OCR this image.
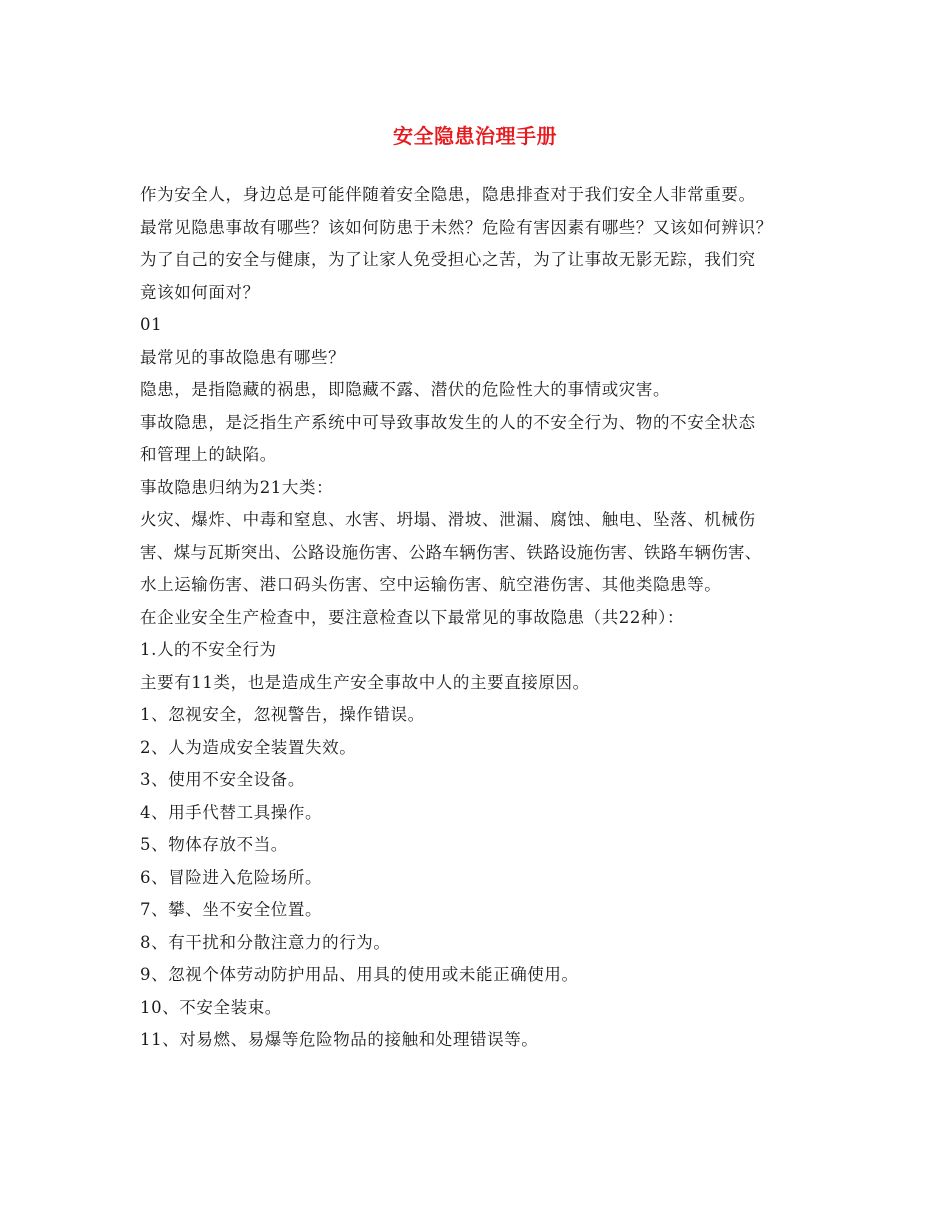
安全隐患治理手册

作为安全人，身边总是可能伴随着安全隐患，隐患排查对于我们安全人非常重要。

最常见隐患事故有哪些？该如何防患于未然？危险有害因素有哪些？又该如何辨识？

为了自己的安全与健康，为了让家人免受担心之苦，为了让事故无影无踪，我们究

竟该如何面对？

01

最常见的事故隐患有哪些？

隐患，是指隐藏的祸患，即隐藏不露、潜伏的危险性大的事情或灾害。

事故隐患，是泛指生产系统中可导致事故发生的人的不安全行为、物的不安全状态

和管理上的缺陷。

事故隐患归纳为21大类：

火灾、爆炸、中毒和窒息、水害、坍塌、滑坡、泄漏、腐蚀、触电、坠落、机械伤

害、煤与瓦斯突出、公路设施伤害、公路车辆伤害、铁路设施伤害、铁路车辆伤害、

水上运输伤害、港口码头伤害、空中运输伤害、航空港伤害、其他类隐患等。

在企业安全生产检查中，要注意检查以下最常见的事故隐患（共22种）：

1.人的不安全行为

主要有11类，也是造成生产安全事故中人的主要直接原因。

1、忽视安全，忽视警告，操作错误。

2、人为造成安全装置失效。

3、使用不安全设备。

4、用手代替工具操作。

5、物体存放不当。

6、冒险进入危险场所。

7、攀、坐不安全位置。

8、有干扰和分散注意力的行为。

9、忽视个体劳动防护用品、用具的使用或未能正确使用。

10、不安全装束。

11、对易燃、易爆等危险物品的接触和处理错误等。
